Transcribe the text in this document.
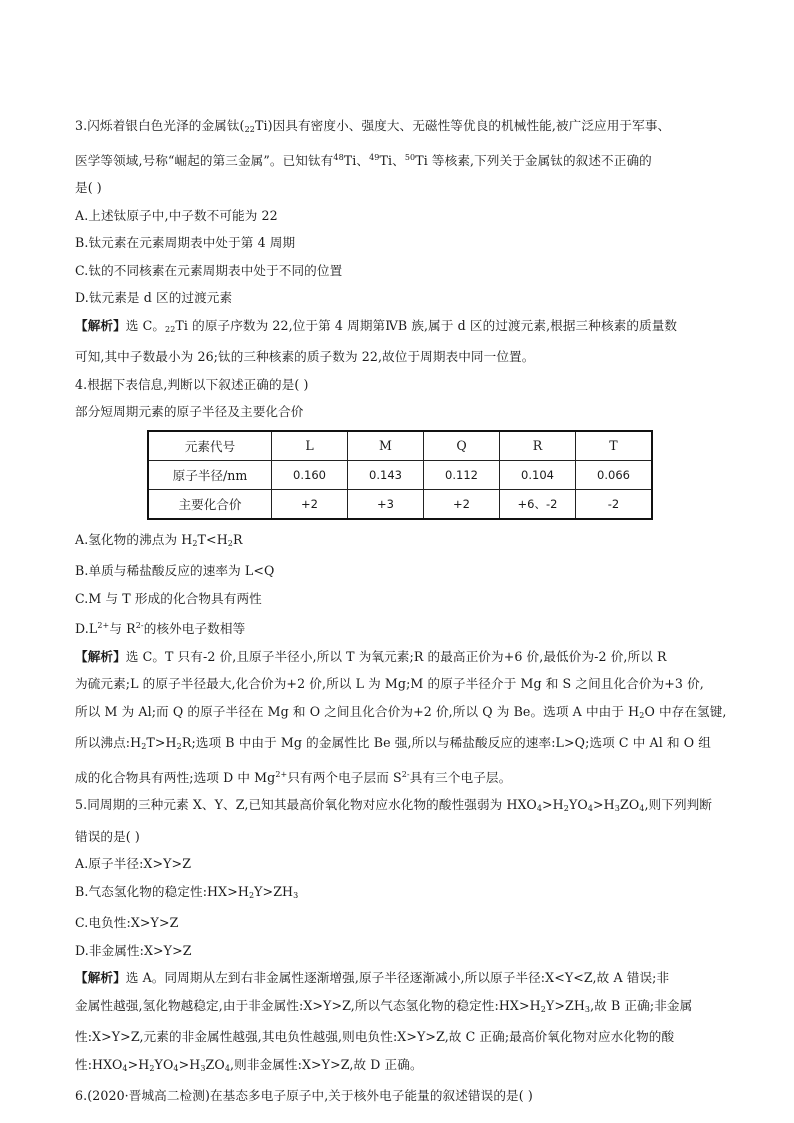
3.闪烁着银白色光泽的金属钛$(_{22}Ti)$因具有密度小、强度大、无磁性等优良的机械性能,被广泛应用于军事、

医学等领域,号称“崛起的第三金属”。已知钛有$^{48}$Ti、$^{49}$Ti、$^{50}$Ti 等核素,下列关于金属钛的叙述不正确的

是( )

A.上述钛原子中,中子数不可能为 22

B.钛元素在元素周期表中处于第 4 周期

C.钛的不同核素在元素周期表中处于不同的位置

D.钛元素是 d 区的过渡元素

【解析】选 C。$_{22}$Ti 的原子序数为 22,位于第 4 周期第ⅣB 族,属于 d 区的过渡元素,根据三种核素的质量数

可知,其中子数最小为 26;钛的三种核素的质子数为 22,故位于周期表中同一位置。

4.根据下表信息,判断以下叙述正确的是( )

部分短周期元素的原子半径及主要化合价

元素代号	L	M	Q	R	T
原子半径/nm	0.160	0.143	0.112	0.104	0.066
主要化合价	+2	+3	+2	+6、-2	-2

A.氢化物的沸点为 $H_2T<H_2R$

B.单质与稀盐酸反应的速率为 L<Q

C.M 与 T 形成的化合物具有两性

$D.L^{2+}$与 $R^{2-}$的核外电子数相等

【解析】选 C。T 只有-2 价,且原子半径小,所以 T 为氧元素;R 的最高正价为+6 价,最低价为-2 价,所以 R

为硫元素;L 的原子半径最大,化合价为+2 价,所以 L 为 Mg;M 的原子半径介于 Mg 和 S 之间且化合价为+3 价,

所以 M 为 Al;而 Q 的原子半径在 Mg 和 O 之间且化合价为+2 价,所以 Q 为 Be。选项 A 中由于 $H_2O$ 中存在氢键,

所以沸点$:H_2T>H_2R$;选项 B 中由于 Mg 的金属性比 Be 强,所以与稀盐酸反应的速率:L>Q;选项 C 中 Al 和 O 组

成的化合物具有两性;选项 D 中 $Mg^{2+}$只有两个电子层而 $S^{2-}$具有三个电子层。

5.同周期的三种元素 X、Y、Z,已知其最高价氧化物对应水化物的酸性强弱为 $HXO_4>H_2YO_4>H_3ZO_4$,则下列判断

错误的是( )

A.原子半径:X>Y>Z

B.气态氢化物的稳定性$:HX>H_2Y>ZH_3$

C.电负性:X>Y>Z

D.非金属性:X>Y>Z

【解析】选 A。同周期从左到右非金属性逐渐增强,原子半径逐渐减小,所以原子半径:X<Y<Z,故 A 错误;非

金属性越强,氢化物越稳定,由于非金属性:X>Y>Z,所以气态氢化物的稳定性$:HX>H_2Y>ZH_3$,故 B 正确;非金属

性:X>Y>Z,元素的非金属性越强,其电负性越强,则电负性:X>Y>Z,故 C 正确;最高价氧化物对应水化物的酸

性$:HXO_4>H_2YO_4>H_3ZO_4$,则非金属性:X>Y>Z,故 D 正确。

6.(2020·晋城高二检测)在基态多电子原子中,关于核外电子能量的叙述错误的是( )
